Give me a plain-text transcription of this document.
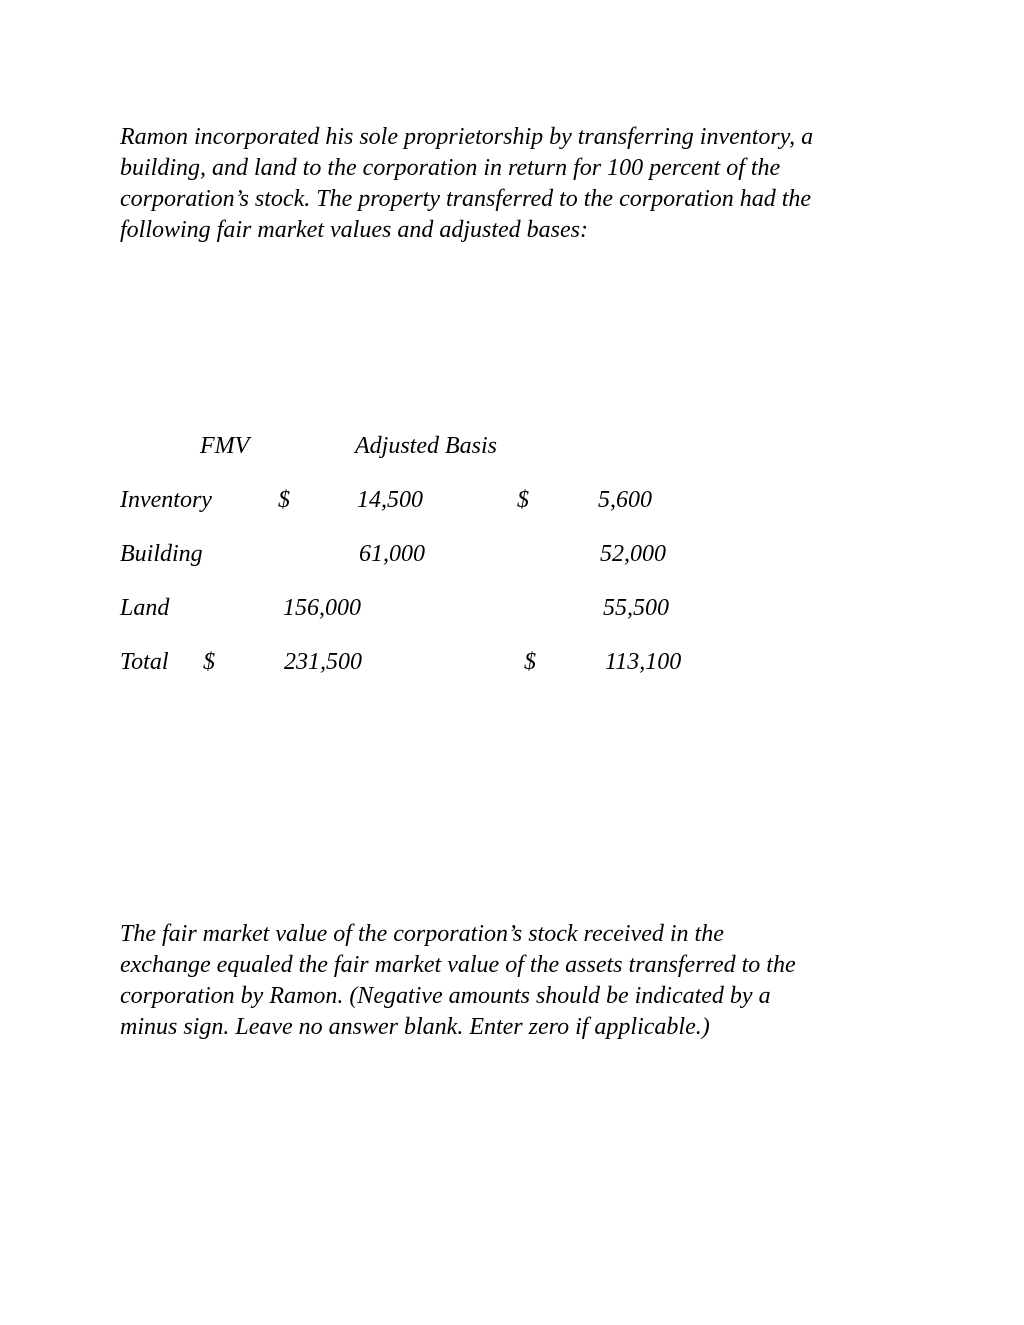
Ramon incorporated his sole proprietorship by transferring inventory, a
building, and land to the corporation in return for 100 percent of the
corporation’s stock. The property transferred to the corporation had the
following fair market values and adjusted bases:

FMV	Adjusted Basis
Inventory	$	14,500	$	5,600
Building	61,000	52,000
Land	156,000	55,500
Total $	231,500	$	113,100

The fair market value of the corporation’s stock received in the
exchange equaled the fair market value of the assets transferred to the
corporation by Ramon. (Negative amounts should be indicated by a
minus sign. Leave no answer blank. Enter zero if applicable.)
